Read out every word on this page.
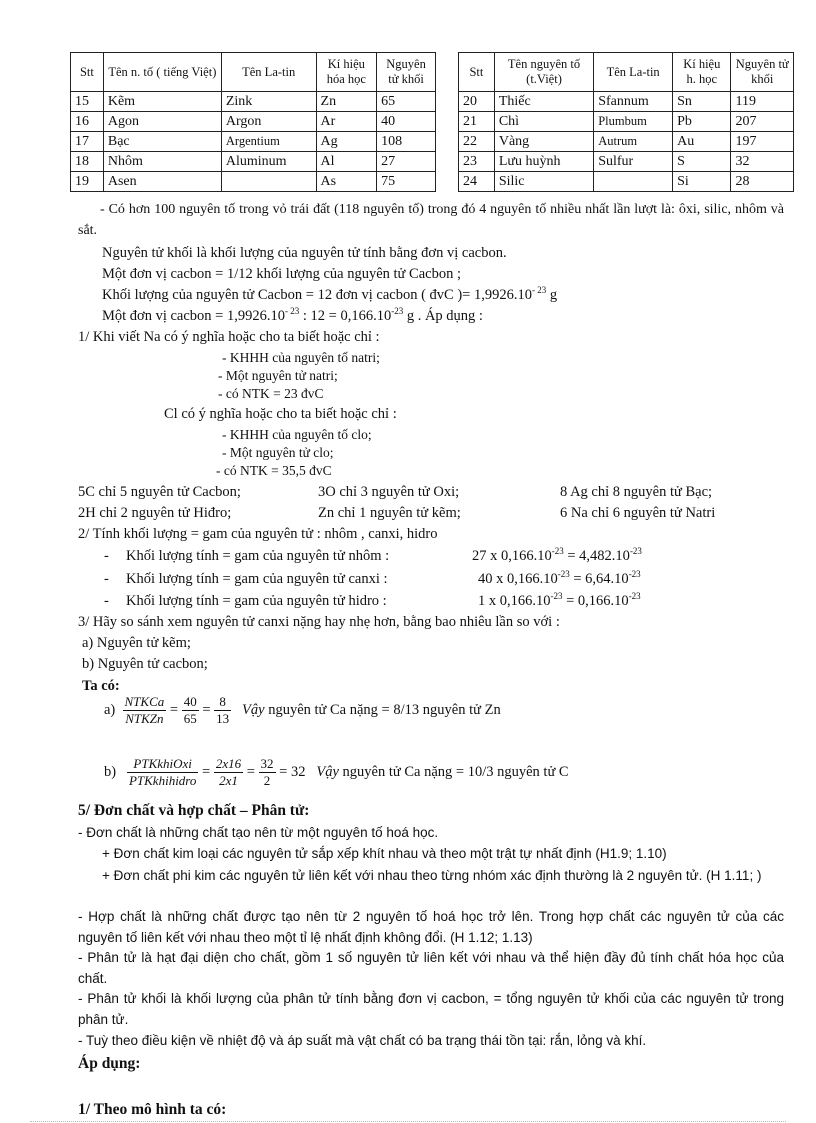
Stt	Tên n. tố ( tiếng Việt)	Tên La-tin	Kí hiệu hóa học	Nguyên tử khối
15	Kẽm	Zink	Zn	65
16	Agon	Argon	Ar	40
17	Bạc	Argentium	Ag	108
18	Nhôm	Aluminum	Al	27
19	Asen		As	75
Stt	Tên nguyên tố (t.Việt)	Tên La-tin	Kí hiệu h. học	Nguyên tử khối
20	Thiếc	Sfannum	Sn	119
21	Chì	Plumbum	Pb	207
22	Vàng	Autrum	Au	197
23	Lưu huỳnh	Sulfur	S	32
24	Silic		Si	28
- Có hơn 100 nguyên tố trong vỏ trái đất (118 nguyên tố) trong đó 4 nguyên tố nhiều nhất lần lượt là: ôxi, silic, nhôm và sắt.
Nguyên tử khối là khối lượng của nguyên tử tính bằng đơn vị cacbon.
Một đơn vị cacbon = 1/12 khối lượng của nguyên tử Cacbon ;
Khối lượng của nguyên tử Cacbon = 12 đơn vị cacbon ( đvC )= $1,9926.10^{- 23}$ g
Một đơn vị cacbon = $1,9926.10^{- 23}$ : $12 = 0,166.10^{-23}$ g . Áp dụng :
1/ Khi viết Na có ý nghĩa hoặc cho ta biết hoặc chỉ :
- KHHH của nguyên tố natri;
- Một nguyên tử natri;
- có NTK = 23 đvC
Cl có ý nghĩa hoặc cho ta biết hoặc chỉ :
- KHHH của nguyên tố clo;
- Một nguyên tử clo;
- có NTK = 35,5 đvC
5C chỉ 5 nguyên tử Cacbon;	3O chỉ 3 nguyên tử Oxi;	8 Ag chỉ 8 nguyên tử Bạc;
2H chỉ 2 nguyên tử Hiđro;	Zn chỉ 1 nguyên tử kẽm;	6 Na chỉ 6 nguyên tử Natri
2/ Tính khối lượng = gam của nguyên tử : nhôm , canxi, hidro
- Khối lượng tính = gam của nguyên tử nhôm :	27 x $0,166.10^{-23} = 4,482.10^{-23}$
- Khối lượng tính = gam của nguyên tử canxi :	40 x $0,166.10^{-23} = 6,64.10^{-23}$
- Khối lượng tính = gam của nguyên tử hidro :	1 x $0,166.10^{-23} = 0,166.10^{-23}$
3/ Hãy so sánh xem nguyên tử canxi nặng hay nhẹ hơn, bằng bao nhiêu lần so với :
a) Nguyên tử kẽm;
b) Nguyên tử cacbon;
Ta có:
$a) \frac{\text{NTKCa}}{\text{NTKZn}} = \frac{40}{65} = \frac{8}{13}$ Vậy nguyên tử Ca nặng = 8/13 nguyên tử Zn
$b) \frac{\text{PTKkhiOxi}}{\text{PTKkhihidro}} = \frac{2x16}{2x1} = \frac{32}{2} = 32$ Vậy nguyên tử Ca nặng = 10/3 nguyên tử C
5/ Đơn chất và hợp chất – Phân tử:
- Đơn chất là những chất tạo nên từ một nguyên tố hoá học.
+ Đơn chất kim loại các nguyên tử sắp xếp khít nhau và theo một trật tự nhất định (H1.9; 1.10)
+ Đơn chất phi kim các nguyên tử liên kết với nhau theo từng nhóm xác định thường là 2 nguyên tử. (H 1.11; )
- Hợp chất là những chất được tạo nên từ 2 nguyên tố hoá học trở lên. Trong hợp chất các nguyên tử của các nguyên tố liên kết với nhau theo một tỉ lệ nhất định không đổi. (H 1.12; 1.13)
- Phân tử là hạt đại diện cho chất, gồm 1 số nguyên tử liên kết với nhau và thể hiện đầy đủ tính chất hóa học của chất.
- Phân tử khối là khối lượng của phân tử tính bằng đơn vị cacbon, = tổng nguyên tử khối của các nguyên tử trong phân tử.
- Tuỳ theo điều kiện về nhiệt độ và áp suất mà vật chất có ba trạng thái tồn tại: rắn, lỏng và khí.
Áp dụng:
1/ Theo mô hình ta có:
